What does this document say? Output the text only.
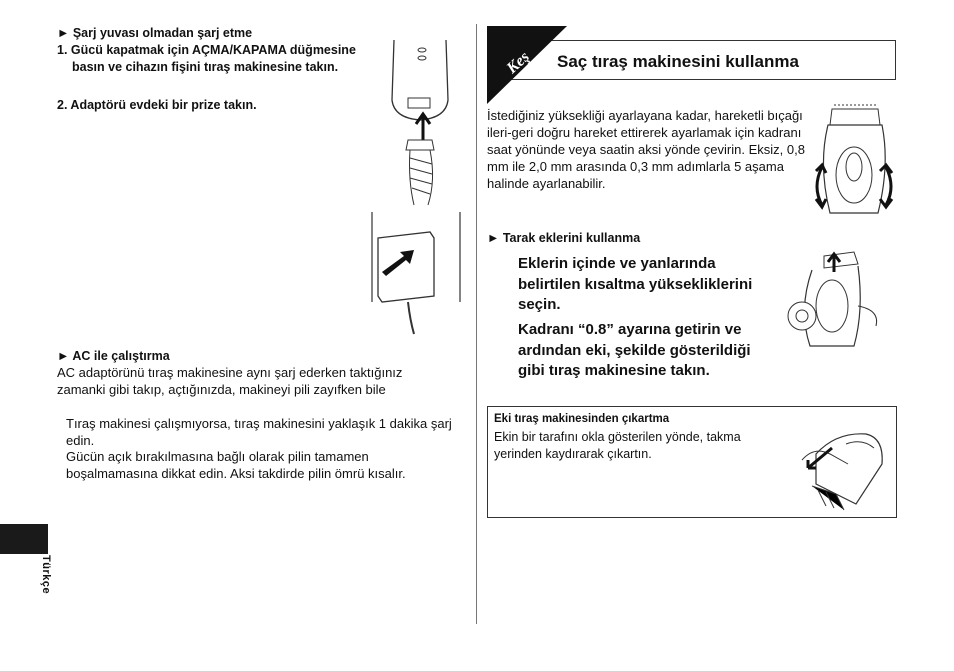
► Şarj yuvası olmadan şarj etme
1. Gücü kapatmak için AÇMA/KAPAMA düğmesine basın ve cihazın fişini tıraş makinesine takın.
2. Adaptörü evdeki bir prize takın.
► AC ile çalıştırma
AC adaptörünü tıraş makinesine aynı şarj ederken taktığınız
zamanki gibi takıp, açtığınızda, makineyi pili zayıfken bile
Tıraş makinesi çalışmıyorsa, tıraş makinesini yaklaşık 1 dakika şarj edin.
Gücün açık bırakılmasına bağlı olarak pilin tamamen
boşalmamasına dikkat edin. Aksi takdirde pilin ömrü kısalır.
Türkçe
Keş Saç tıraş makinesini kullanma
İstediğiniz yüksekliği ayarlayana kadar, hareketli bıçağı ileri-geri doğru hareket ettirerek ayarlamak için kadranı saat yönünde veya saatin aksi yönde çevirin. Eksiz, 0,8 mm ile 2,0 mm arasında 0,3 mm adımlarla 5 aşama halinde ayarlanabilir.
► Tarak eklerini kullanma
Eklerin içinde ve yanlarında belirtilen kısaltma yüksekliklerini seçin.
Kadranı “0.8” ayarına getirin ve ardından eki, şekilde gösterildiği gibi tıraş makinesine takın.
Eki tıraş makinesinden çıkartma
Ekin bir tarafını okla gösterilen yönde, takma yerinden kaydırarak çıkartın.
